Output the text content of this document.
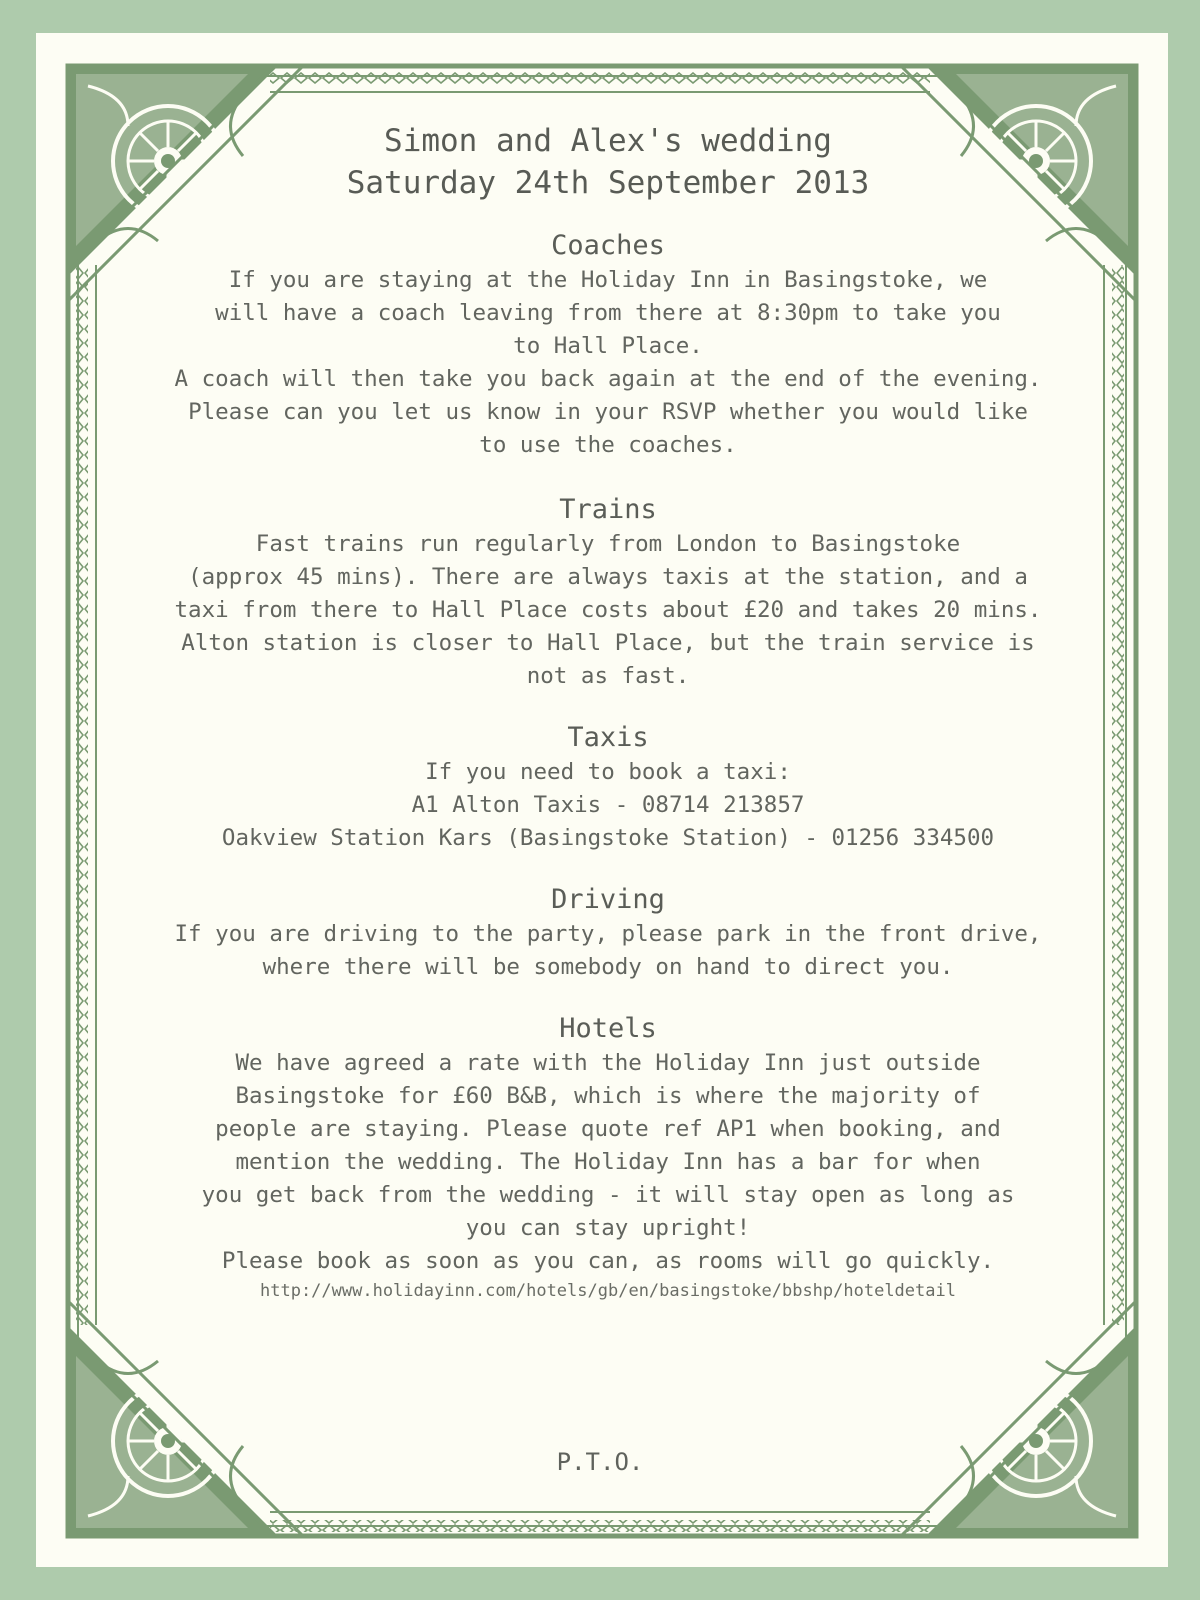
Simon and Alex's wedding
Saturday 24th September 2013
Coaches
If you are staying at the Holiday Inn in Basingstoke, we
will have a coach leaving from there at 8:30pm to take you
to Hall Place.
A coach will then take you back again at the end of the evening.
Please can you let us know in your RSVP whether you would like
to use the coaches.
Trains
Fast trains run regularly from London to Basingstoke
(approx 45 mins). There are always taxis at the station, and a
taxi from there to Hall Place costs about £20 and takes 20 mins.
Alton station is closer to Hall Place, but the train service is
not as fast.
Taxis
If you need to book a taxi:
A1 Alton Taxis - 08714 213857
Oakview Station Kars (Basingstoke Station) - 01256 334500
Driving
If you are driving to the party, please park in the front drive,
where there will be somebody on hand to direct you.
Hotels
We have agreed a rate with the Holiday Inn just outside
Basingstoke for £60 B&B, which is where the majority of
people are staying. Please quote ref AP1 when booking, and
mention the wedding. The Holiday Inn has a bar for when
you get back from the wedding - it will stay open as long as
you can stay upright!
Please book as soon as you can, as rooms will go quickly.
http://www.holidayinn.com/hotels/gb/en/basingstoke/bbshp/hoteldetail
P.T.O.
